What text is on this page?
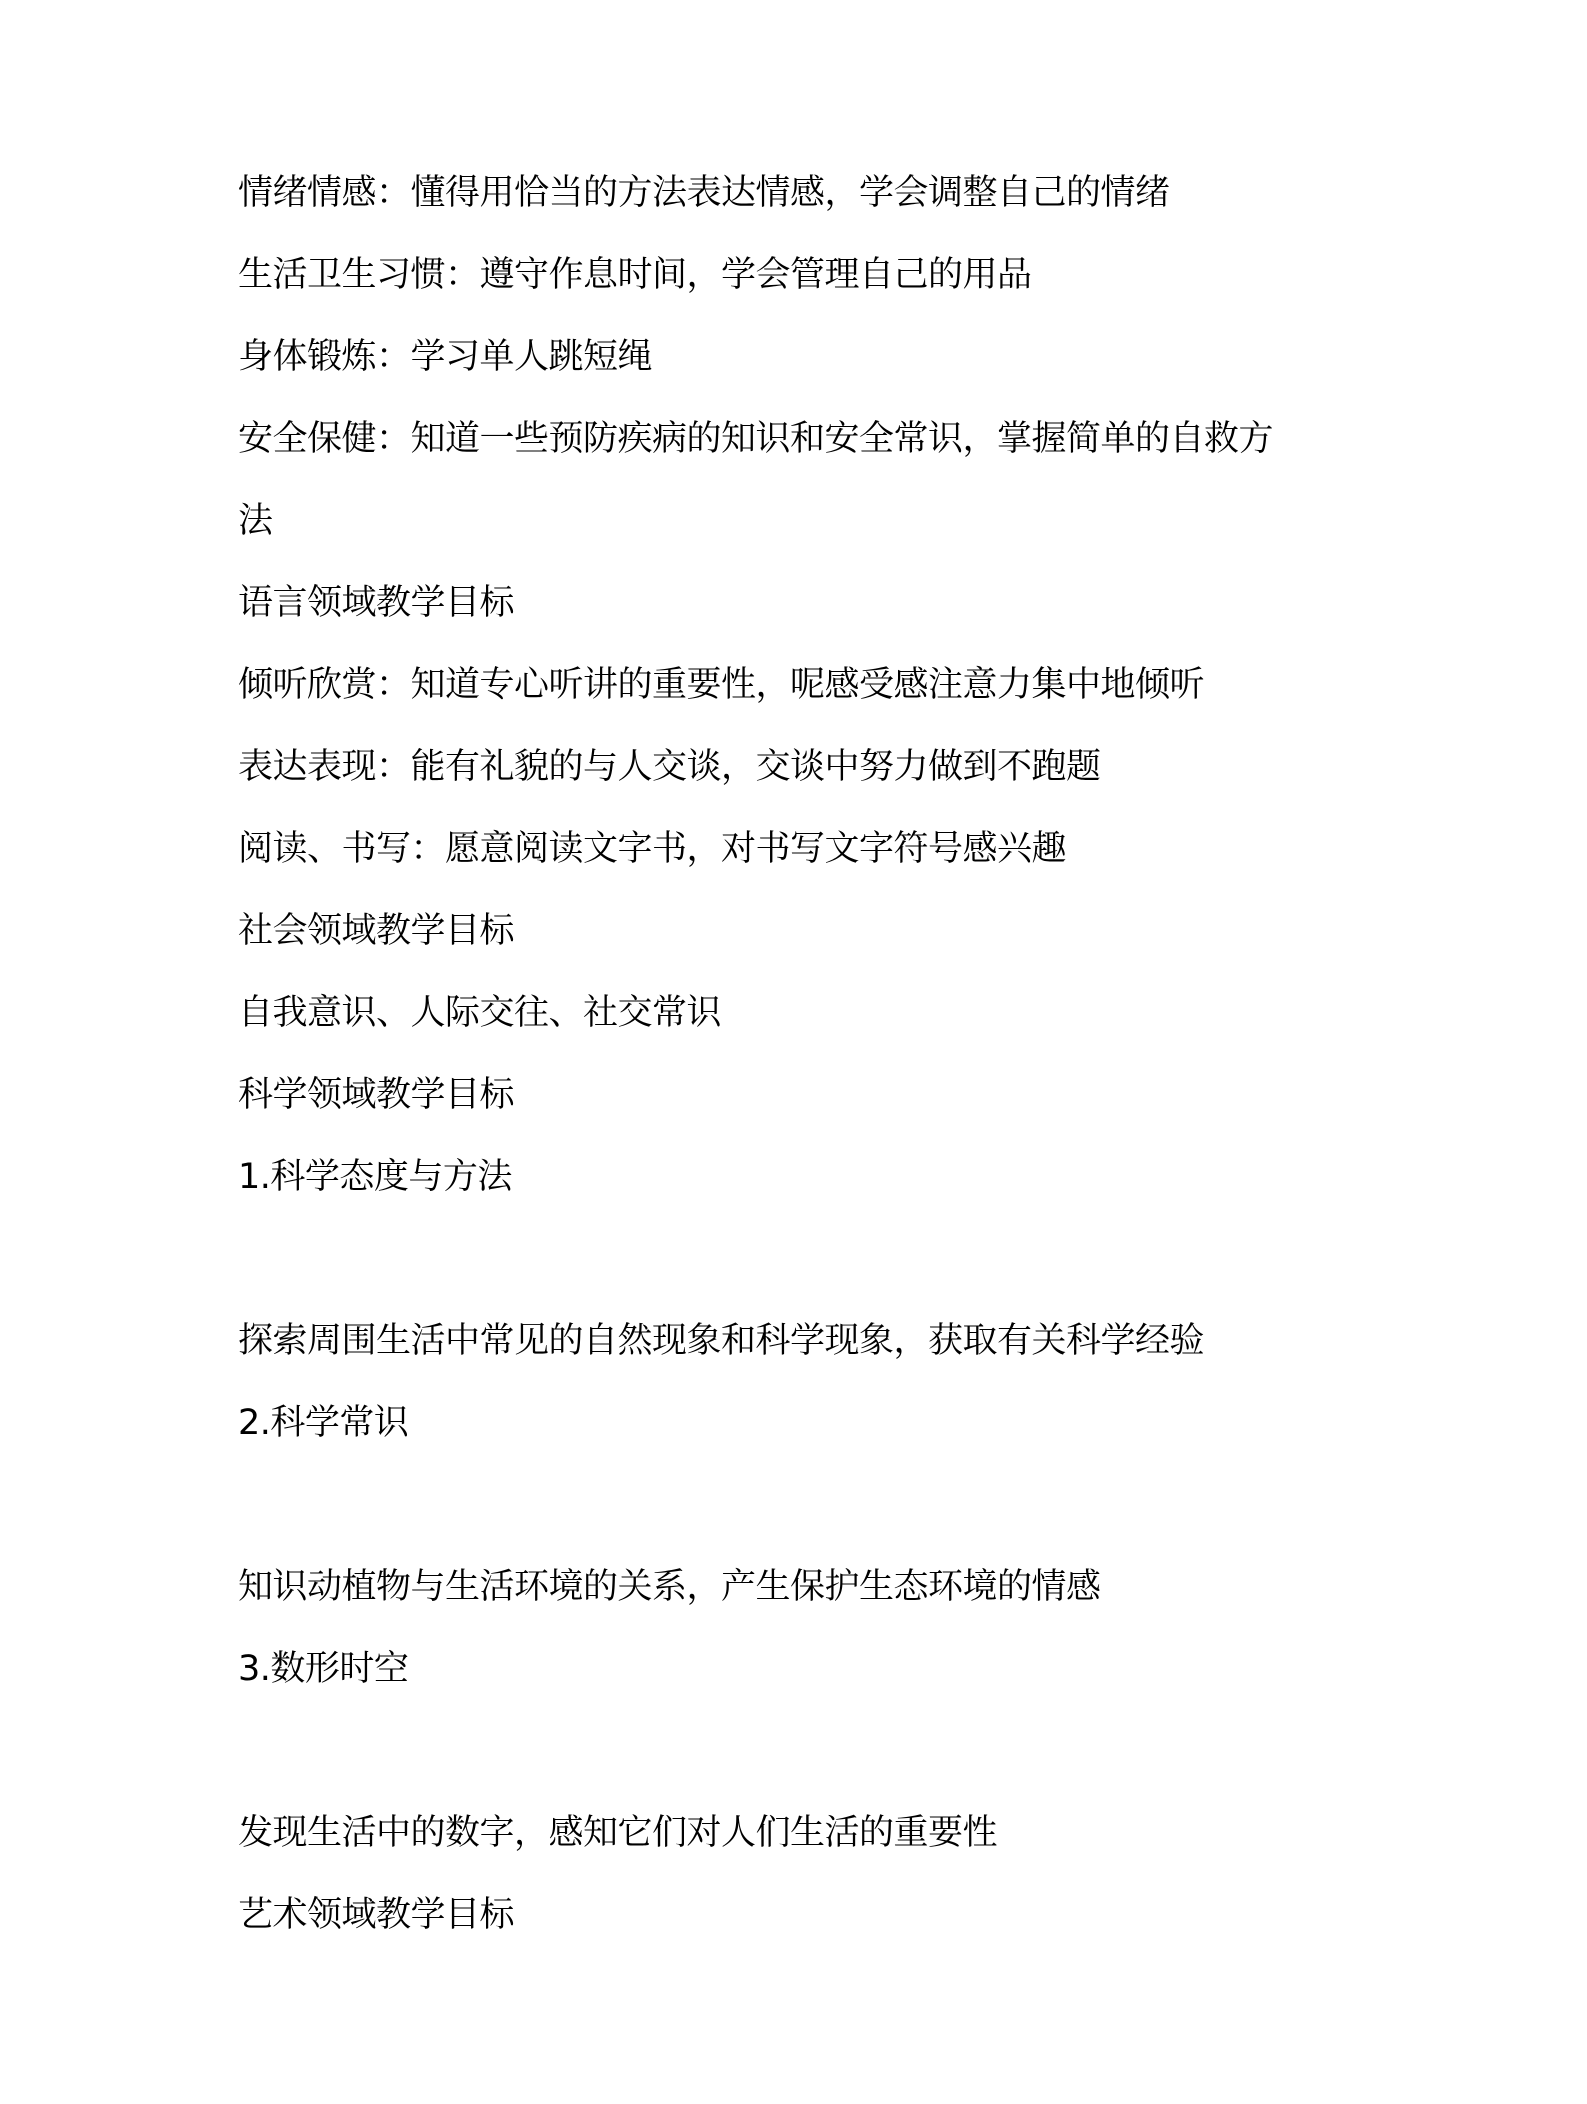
情绪情感：懂得用恰当的方法表达情感，学会调整自己的情绪
生活卫生习惯：遵守作息时间，学会管理自己的用品
身体锻炼：学习单人跳短绳
安全保健：知道一些预防疾病的知识和安全常识，掌握简单的自救方
法
语言领域教学目标
倾听欣赏：知道专心听讲的重要性，呢感受感注意力集中地倾听
表达表现：能有礼貌的与人交谈，交谈中努力做到不跑题
阅读、书写：愿意阅读文字书，对书写文字符号感兴趣
社会领域教学目标
自我意识、人际交往、社交常识
科学领域教学目标
1.科学态度与方法
探索周围生活中常见的自然现象和科学现象，获取有关科学经验
2.科学常识
知识动植物与生活环境的关系，产生保护生态环境的情感
3.数形时空
发现生活中的数字，感知它们对人们生活的重要性
艺术领域教学目标
